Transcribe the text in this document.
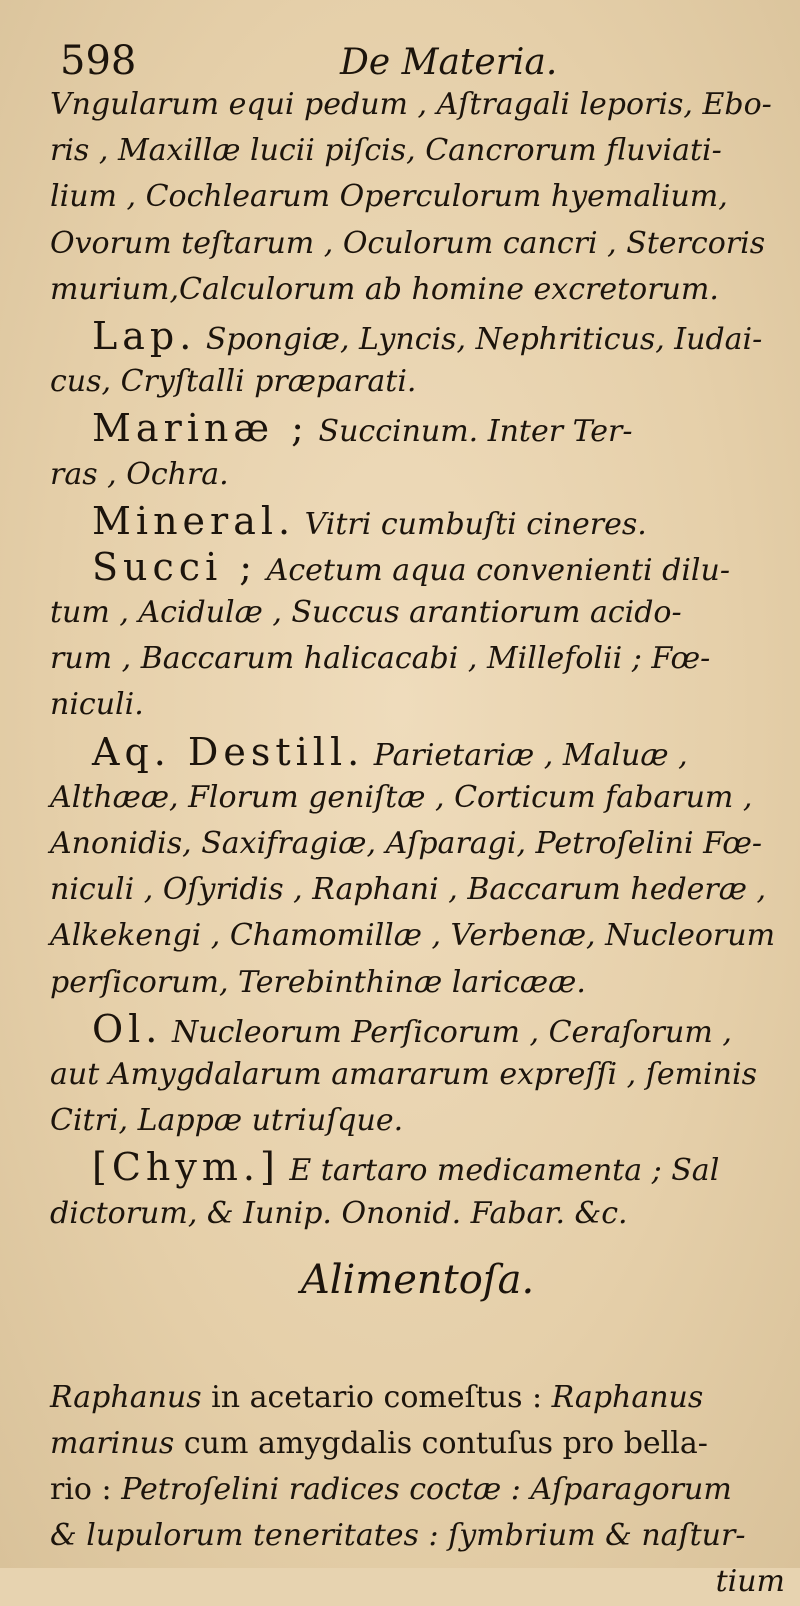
598	De Materia.
Vngularum equi pedum , Aſtragali leporis, Ebo-
ris , Maxillæ lucii piſcis, Cancrorum fluviati-
lium , Cochlearum Operculorum hyemalium,
Ovorum teſtarum , Oculorum cancri , Stercoris
murium,Calculorum ab homine excretorum.
Lap. Spongiæ, Lyncis, Nephriticus, Iudai-
cus, Cryſtalli præparati.
Marinæ ; Succinum. Inter Ter-
ras , Ochra.
Mineral. Vitri cumbuſti cineres.
Succi ; Acetum aqua convenienti dilu-
tum , Acidulæ , Succus arantiorum acido-
rum , Baccarum halicacabi , Millefolii ; Fœ-
niculi.
Aq. Destill. Parietariæ , Maluæ ,
Althææ, Florum geniſtæ , Corticum fabarum ,
Anonidis, Saxifragiæ, Aſparagi, Petroſelini Fœ-
niculi , Oſyridis , Raphani , Baccarum hederæ ,
Alkekengi , Chamomillæ , Verbenæ, Nucleorum
perſicorum, Terebinthinæ laricææ.
Ol. Nucleorum Perſicorum , Ceraſorum ,
aut Amygdalarum amararum expreſſi , ſeminis
Citri, Lappæ utriuſque.
[Chym.] E tartaro medicamenta ; Sal
dictorum, & Iunip. Ononid. Fabar. &c.
Alimentoſa.
Raphanus in acetario comeſtus : Raphanus
marinus cum amygdalis contuſus pro bella-
rio : Petroſelini radices coctæ : Aſparagorum
& lupulorum teneritates : ſymbrium & naſtur-
tium
